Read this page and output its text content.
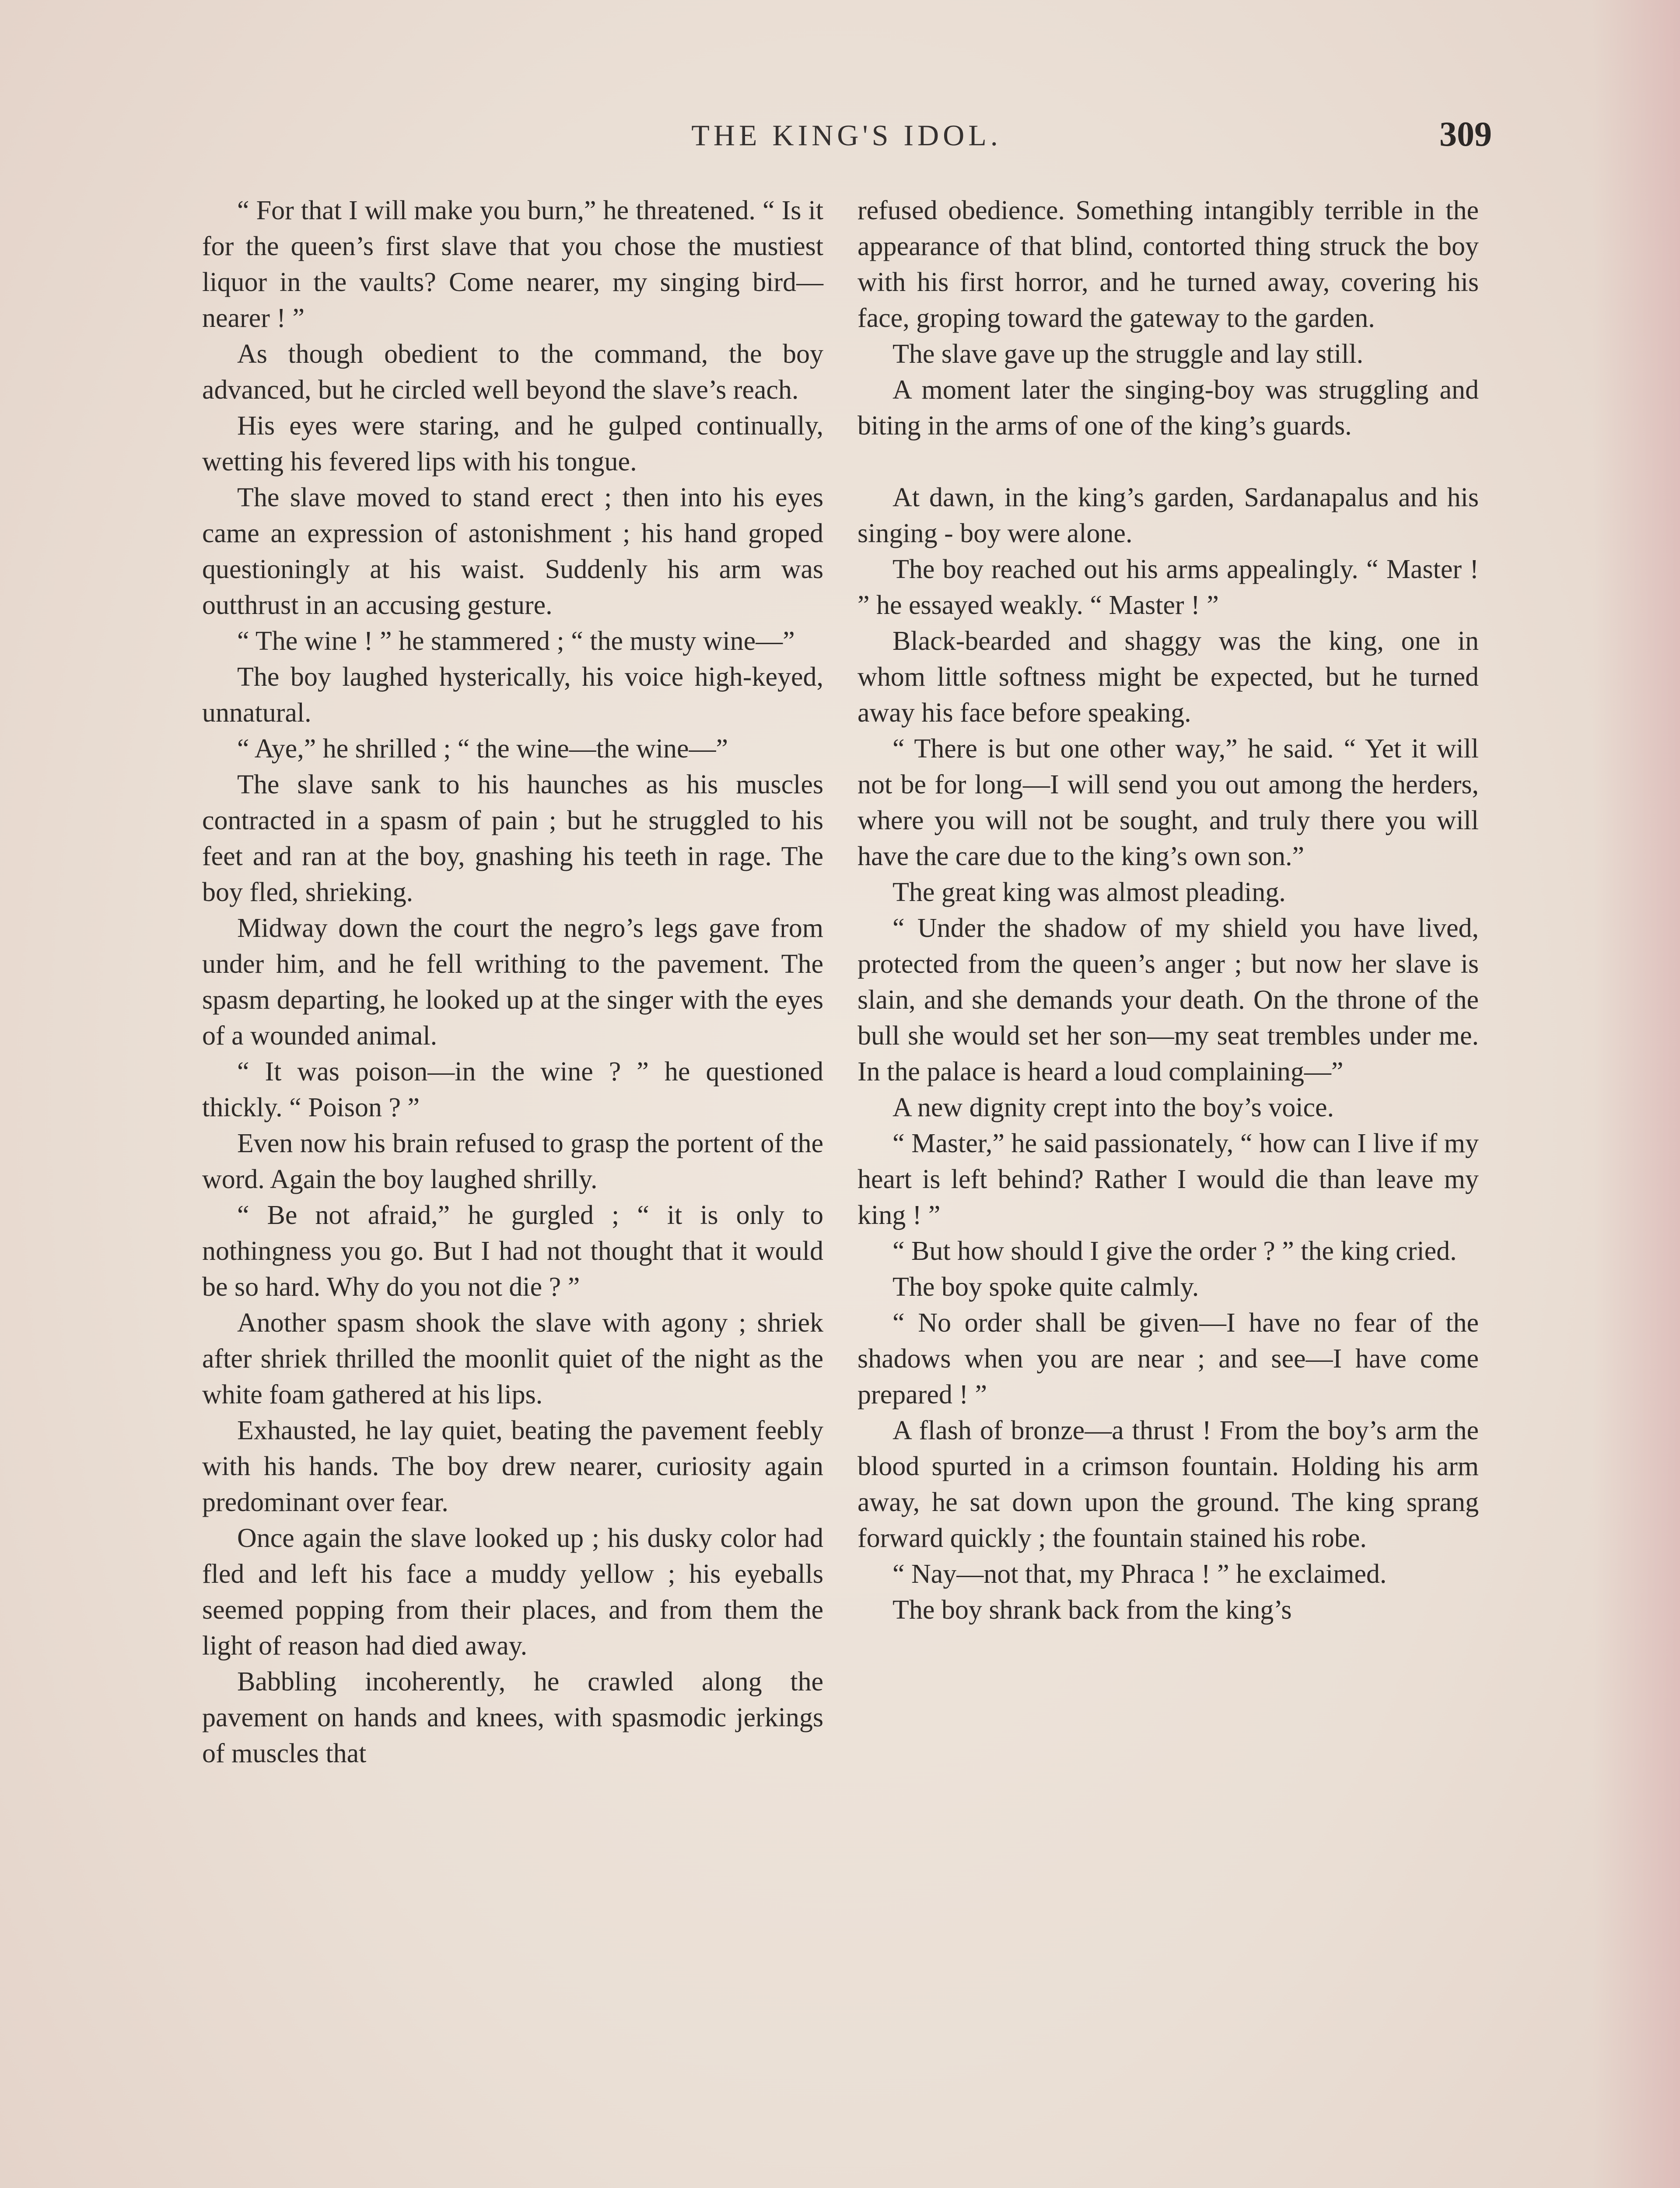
THE KING'S IDOL.	309

“ For that I will make you burn,” he threatened. “ Is it for the queen’s first slave that you chose the mustiest liquor in the vaults? Come nearer, my singing bird—nearer ! ”

As though obedient to the command, the boy advanced, but he circled well beyond the slave’s reach.

His eyes were staring, and he gulped continually, wetting his fevered lips with his tongue.

The slave moved to stand erect ; then into his eyes came an expression of astonishment ; his hand groped questioningly at his waist. Suddenly his arm was outthrust in an accusing gesture.

“ The wine ! ” he stammered ; “ the musty wine—”

The boy laughed hysterically, his voice high-keyed, unnatural.

“ Aye,” he shrilled ; “ the wine—the wine—”

The slave sank to his haunches as his muscles contracted in a spasm of pain ; but he struggled to his feet and ran at the boy, gnashing his teeth in rage. The boy fled, shrieking.

Midway down the court the negro’s legs gave from under him, and he fell writhing to the pavement. The spasm departing, he looked up at the singer with the eyes of a wounded animal.

“ It was poison—in the wine ? ” he questioned thickly. “ Poison ? ”

Even now his brain refused to grasp the portent of the word. Again the boy laughed shrilly.

“ Be not afraid,” he gurgled ; “ it is only to nothingness you go. But I had not thought that it would be so hard. Why do you not die ? ”

Another spasm shook the slave with agony ; shriek after shriek thrilled the moonlit quiet of the night as the white foam gathered at his lips.

Exhausted, he lay quiet, beating the pavement feebly with his hands. The boy drew nearer, curiosity again predominant over fear.

Once again the slave looked up ; his dusky color had fled and left his face a muddy yellow ; his eyeballs seemed popping from their places, and from them the light of reason had died away.

Babbling incoherently, he crawled along the pavement on hands and knees, with spasmodic jerkings of muscles that

refused obedience. Something intangibly terrible in the appearance of that blind, contorted thing struck the boy with his first horror, and he turned away, covering his face, groping toward the gateway to the garden.

The slave gave up the struggle and lay still.

A moment later the singing-boy was struggling and biting in the arms of one of the king’s guards.

At dawn, in the king’s garden, Sardanapalus and his singing - boy were alone.

The boy reached out his arms appealingly. “ Master ! ” he essayed weakly. “ Master ! ”

Black-bearded and shaggy was the king, one in whom little softness might be expected, but he turned away his face before speaking.

“ There is but one other way,” he said. “ Yet it will not be for long—I will send you out among the herders, where you will not be sought, and truly there you will have the care due to the king’s own son.”

The great king was almost pleading.

“ Under the shadow of my shield you have lived, protected from the queen’s anger ; but now her slave is slain, and she demands your death. On the throne of the bull she would set her son—my seat trembles under me. In the palace is heard a loud complaining—”

A new dignity crept into the boy’s voice.

“ Master,” he said passionately, “ how can I live if my heart is left behind? Rather I would die than leave my king ! ”

“ But how should I give the order ? ” the king cried.

The boy spoke quite calmly.

“ No order shall be given—I have no fear of the shadows when you are near ; and see—I have come prepared ! ”

A flash of bronze—a thrust ! From the boy’s arm the blood spurted in a crimson fountain. Holding his arm away, he sat down upon the ground. The king sprang forward quickly ; the fountain stained his robe.

“ Nay—not that, my Phraca ! ” he exclaimed.

The boy shrank back from the king’s
